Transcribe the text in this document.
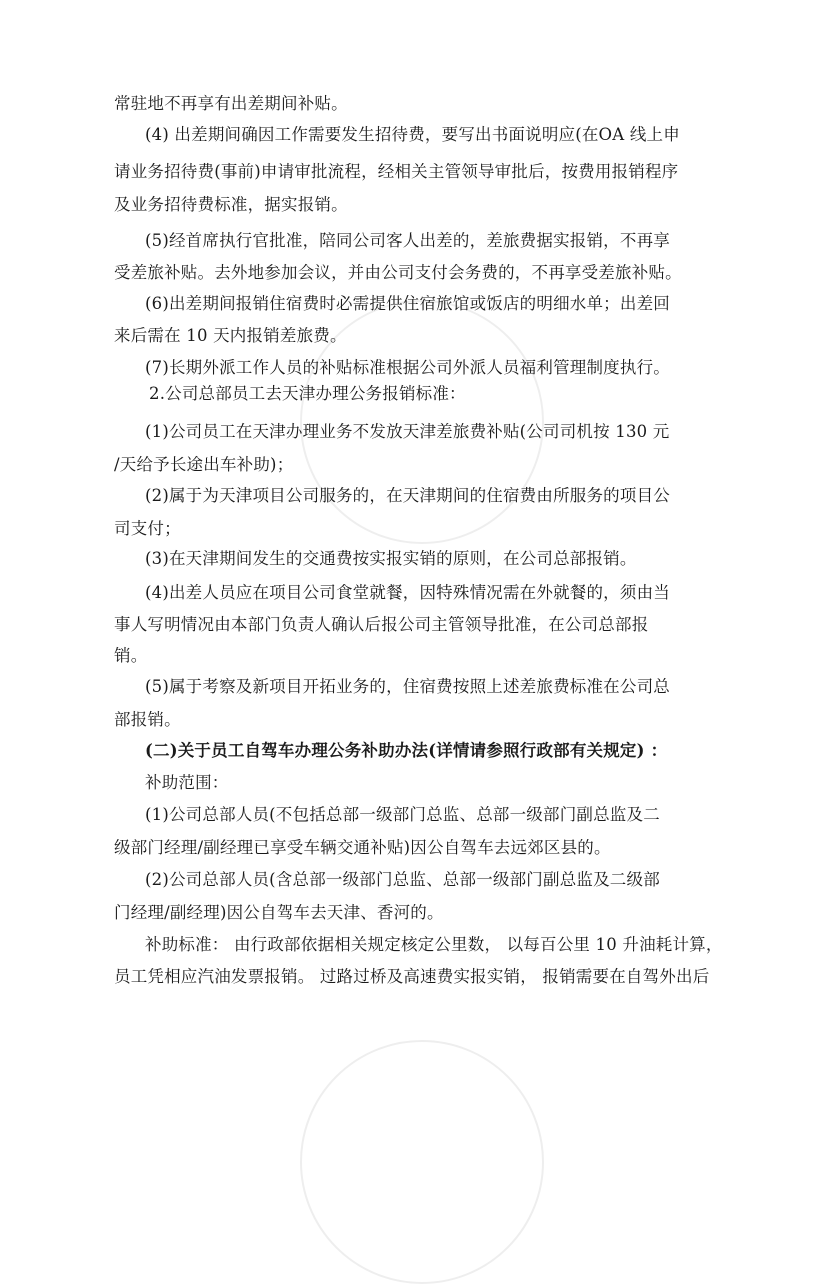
常驻地不再享有出差期间补贴。
(4) 出差期间确因工作需要发生招待费，要写出书面说明应(在OA 线上申
请业务招待费(事前)申请审批流程，经相关主管领导审批后，按费用报销程序
及业务招待费标准，据实报销。
(5)经首席执行官批准，陪同公司客人出差的，差旅费据实报销，不再享
受差旅补贴。去外地参加会议，并由公司支付会务费的，不再享受差旅补贴。
(6)出差期间报销住宿费时必需提供住宿旅馆或饭店的明细水单；出差回
来后需在 10 天内报销差旅费。
(7)长期外派工作人员的补贴标准根据公司外派人员福利管理制度执行。
2.公司总部员工去天津办理公务报销标准：
(1)公司员工在天津办理业务不发放天津差旅费补贴(公司司机按 130 元
/天给予长途出车补助)；
(2)属于为天津项目公司服务的，在天津期间的住宿费由所服务的项目公
司支付；
(3)在天津期间发生的交通费按实报实销的原则，在公司总部报销。
(4)出差人员应在项目公司食堂就餐，因特殊情况需在外就餐的，须由当
事人写明情况由本部门负责人确认后报公司主管领导批准，在公司总部报
销。
(5)属于考察及新项目开拓业务的，住宿费按照上述差旅费标准在公司总
部报销。
(二)关于员工自驾车办理公务补助办法(详情请参照行政部有关规定) ：
补助范围：
(1)公司总部人员(不包括总部一级部门总监、总部一级部门副总监及二
级部门经理/副经理已享受车辆交通补贴)因公自驾车去远郊区县的。
(2)公司总部人员(含总部一级部门总监、总部一级部门副总监及二级部
门经理/副经理)因公自驾车去天津、香河的。
补助标准： 由行政部依据相关规定核定公里数， 以每百公里 10 升油耗计算，
员工凭相应汽油发票报销。 过路过桥及高速费实报实销， 报销需要在自驾外出后
